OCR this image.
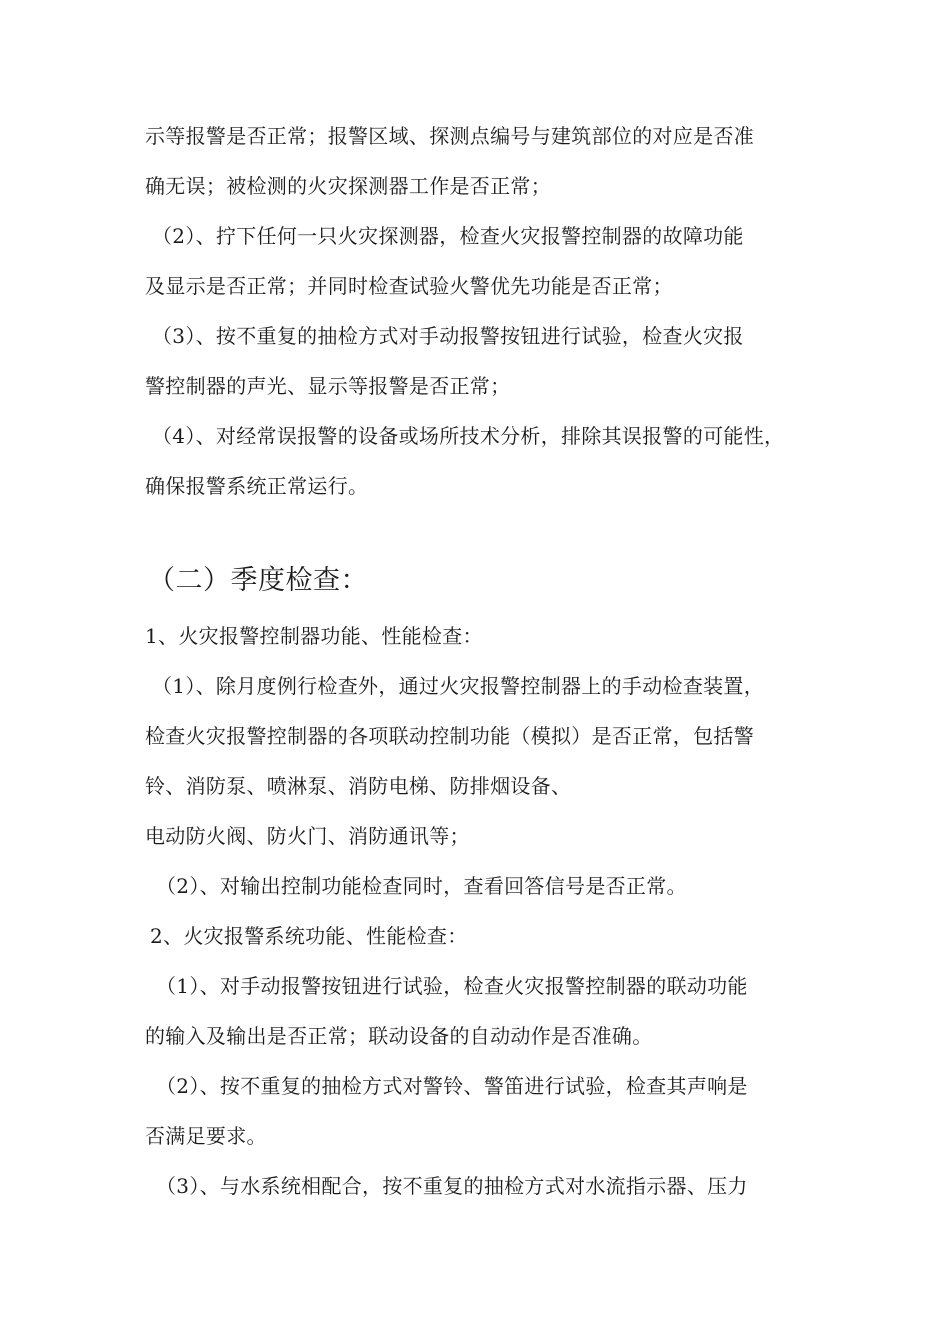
示等报警是否正常；报警区域、探测点编号与建筑部位的对应是否准
确无误；被检测的火灾探测器工作是否正常；
（2）、拧下任何一只火灾探测器，检查火灾报警控制器的故障功能
及显示是否正常；并同时检查试验火警优先功能是否正常；
（3）、按不重复的抽检方式对手动报警按钮进行试验，检查火灾报
警控制器的声光、显示等报警是否正常；
（4）、对经常误报警的设备或场所技术分析，排除其误报警的可能性，
确保报警系统正常运行。
（二）季度检查：
1、火灾报警控制器功能、性能检查：
（1）、除月度例行检查外，通过火灾报警控制器上的手动检查装置，
检查火灾报警控制器的各项联动控制功能（模拟）是否正常，包括警
铃、消防泵、喷淋泵、消防电梯、防排烟设备、
电动防火阀、防火门、消防通讯等；
（2）、对输出控制功能检查同时，查看回答信号是否正常。
2、火灾报警系统功能、性能检查：
（1）、对手动报警按钮进行试验，检查火灾报警控制器的联动功能
的输入及输出是否正常；联动设备的自动动作是否准确。
（2）、按不重复的抽检方式对警铃、警笛进行试验，检查其声响是
否满足要求。
（3）、与水系统相配合，按不重复的抽检方式对水流指示器、压力
